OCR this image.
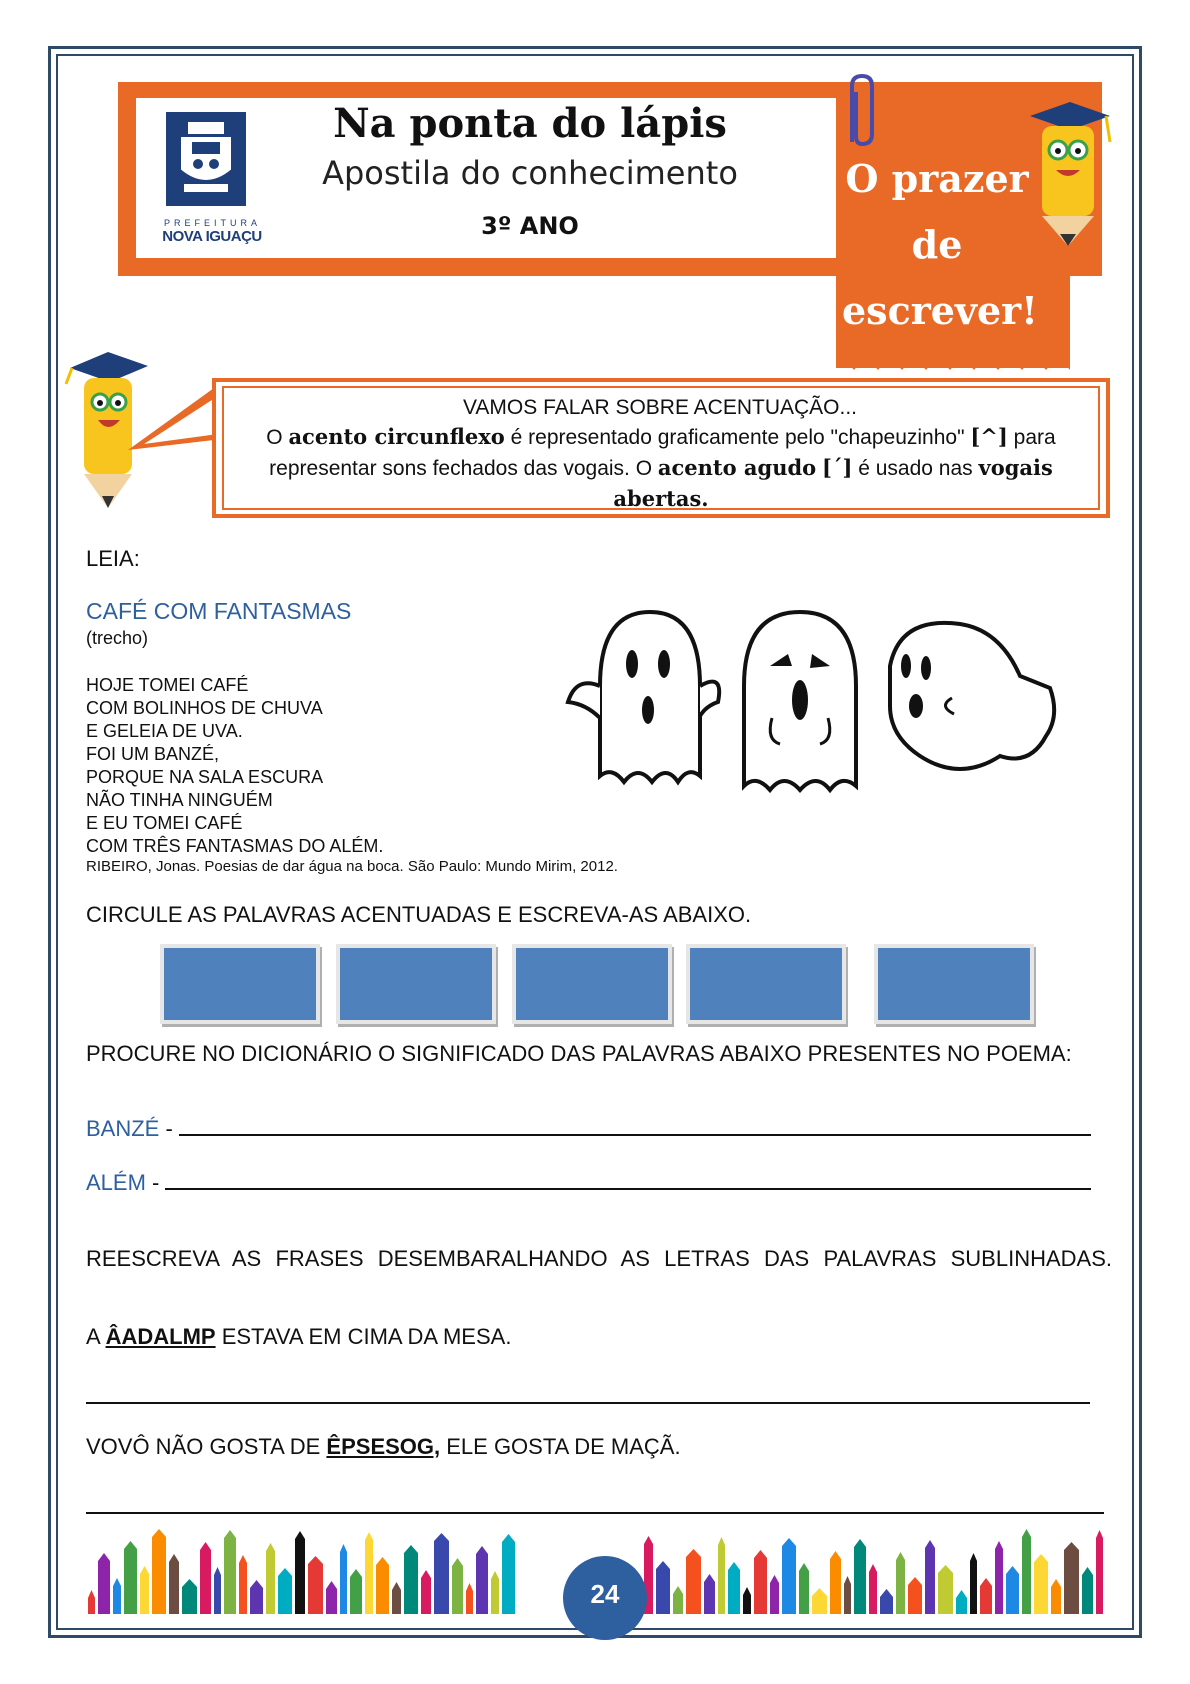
PREFEITURA
NOVA IGUAÇU
Na ponta do lápis
Apostila do conhecimento
3º ANO
O prazer
de
escrever!
VAMOS FALAR SOBRE ACENTUAÇÃO...
O acento circunflexo é representado graficamente pelo "chapeuzinho" [^] para representar sons fechados das vogais. O acento agudo [´] é usado nas vogais abertas.
LEIA:
CAFÉ COM FANTASMAS
(trecho)
HOJE TOMEI CAFÉ
COM BOLINHOS DE CHUVA
E GELEIA DE UVA.
FOI UM BANZÉ,
PORQUE NA SALA ESCURA
NÃO TINHA NINGUÉM
E EU TOMEI CAFÉ
COM TRÊS FANTASMAS DO ALÉM.
RIBEIRO, Jonas. Poesias de dar água na boca. São Paulo: Mundo Mirim, 2012.
CIRCULE AS PALAVRAS ACENTUADAS E ESCREVA-AS ABAIXO.
PROCURE NO DICIONÁRIO O SIGNIFICADO DAS PALAVRAS ABAIXO PRESENTES NO POEMA:
BANZÉ -
ALÉM -
REESCREVA AS FRASES DESEMBARALHANDO AS LETRAS DAS PALAVRAS SUBLINHADAS.
A ÂADALMP ESTAVA EM CIMA DA MESA.
VOVÔ NÃO GOSTA DE ÊPSESOG, ELE GOSTA DE MAÇÃ.
24
